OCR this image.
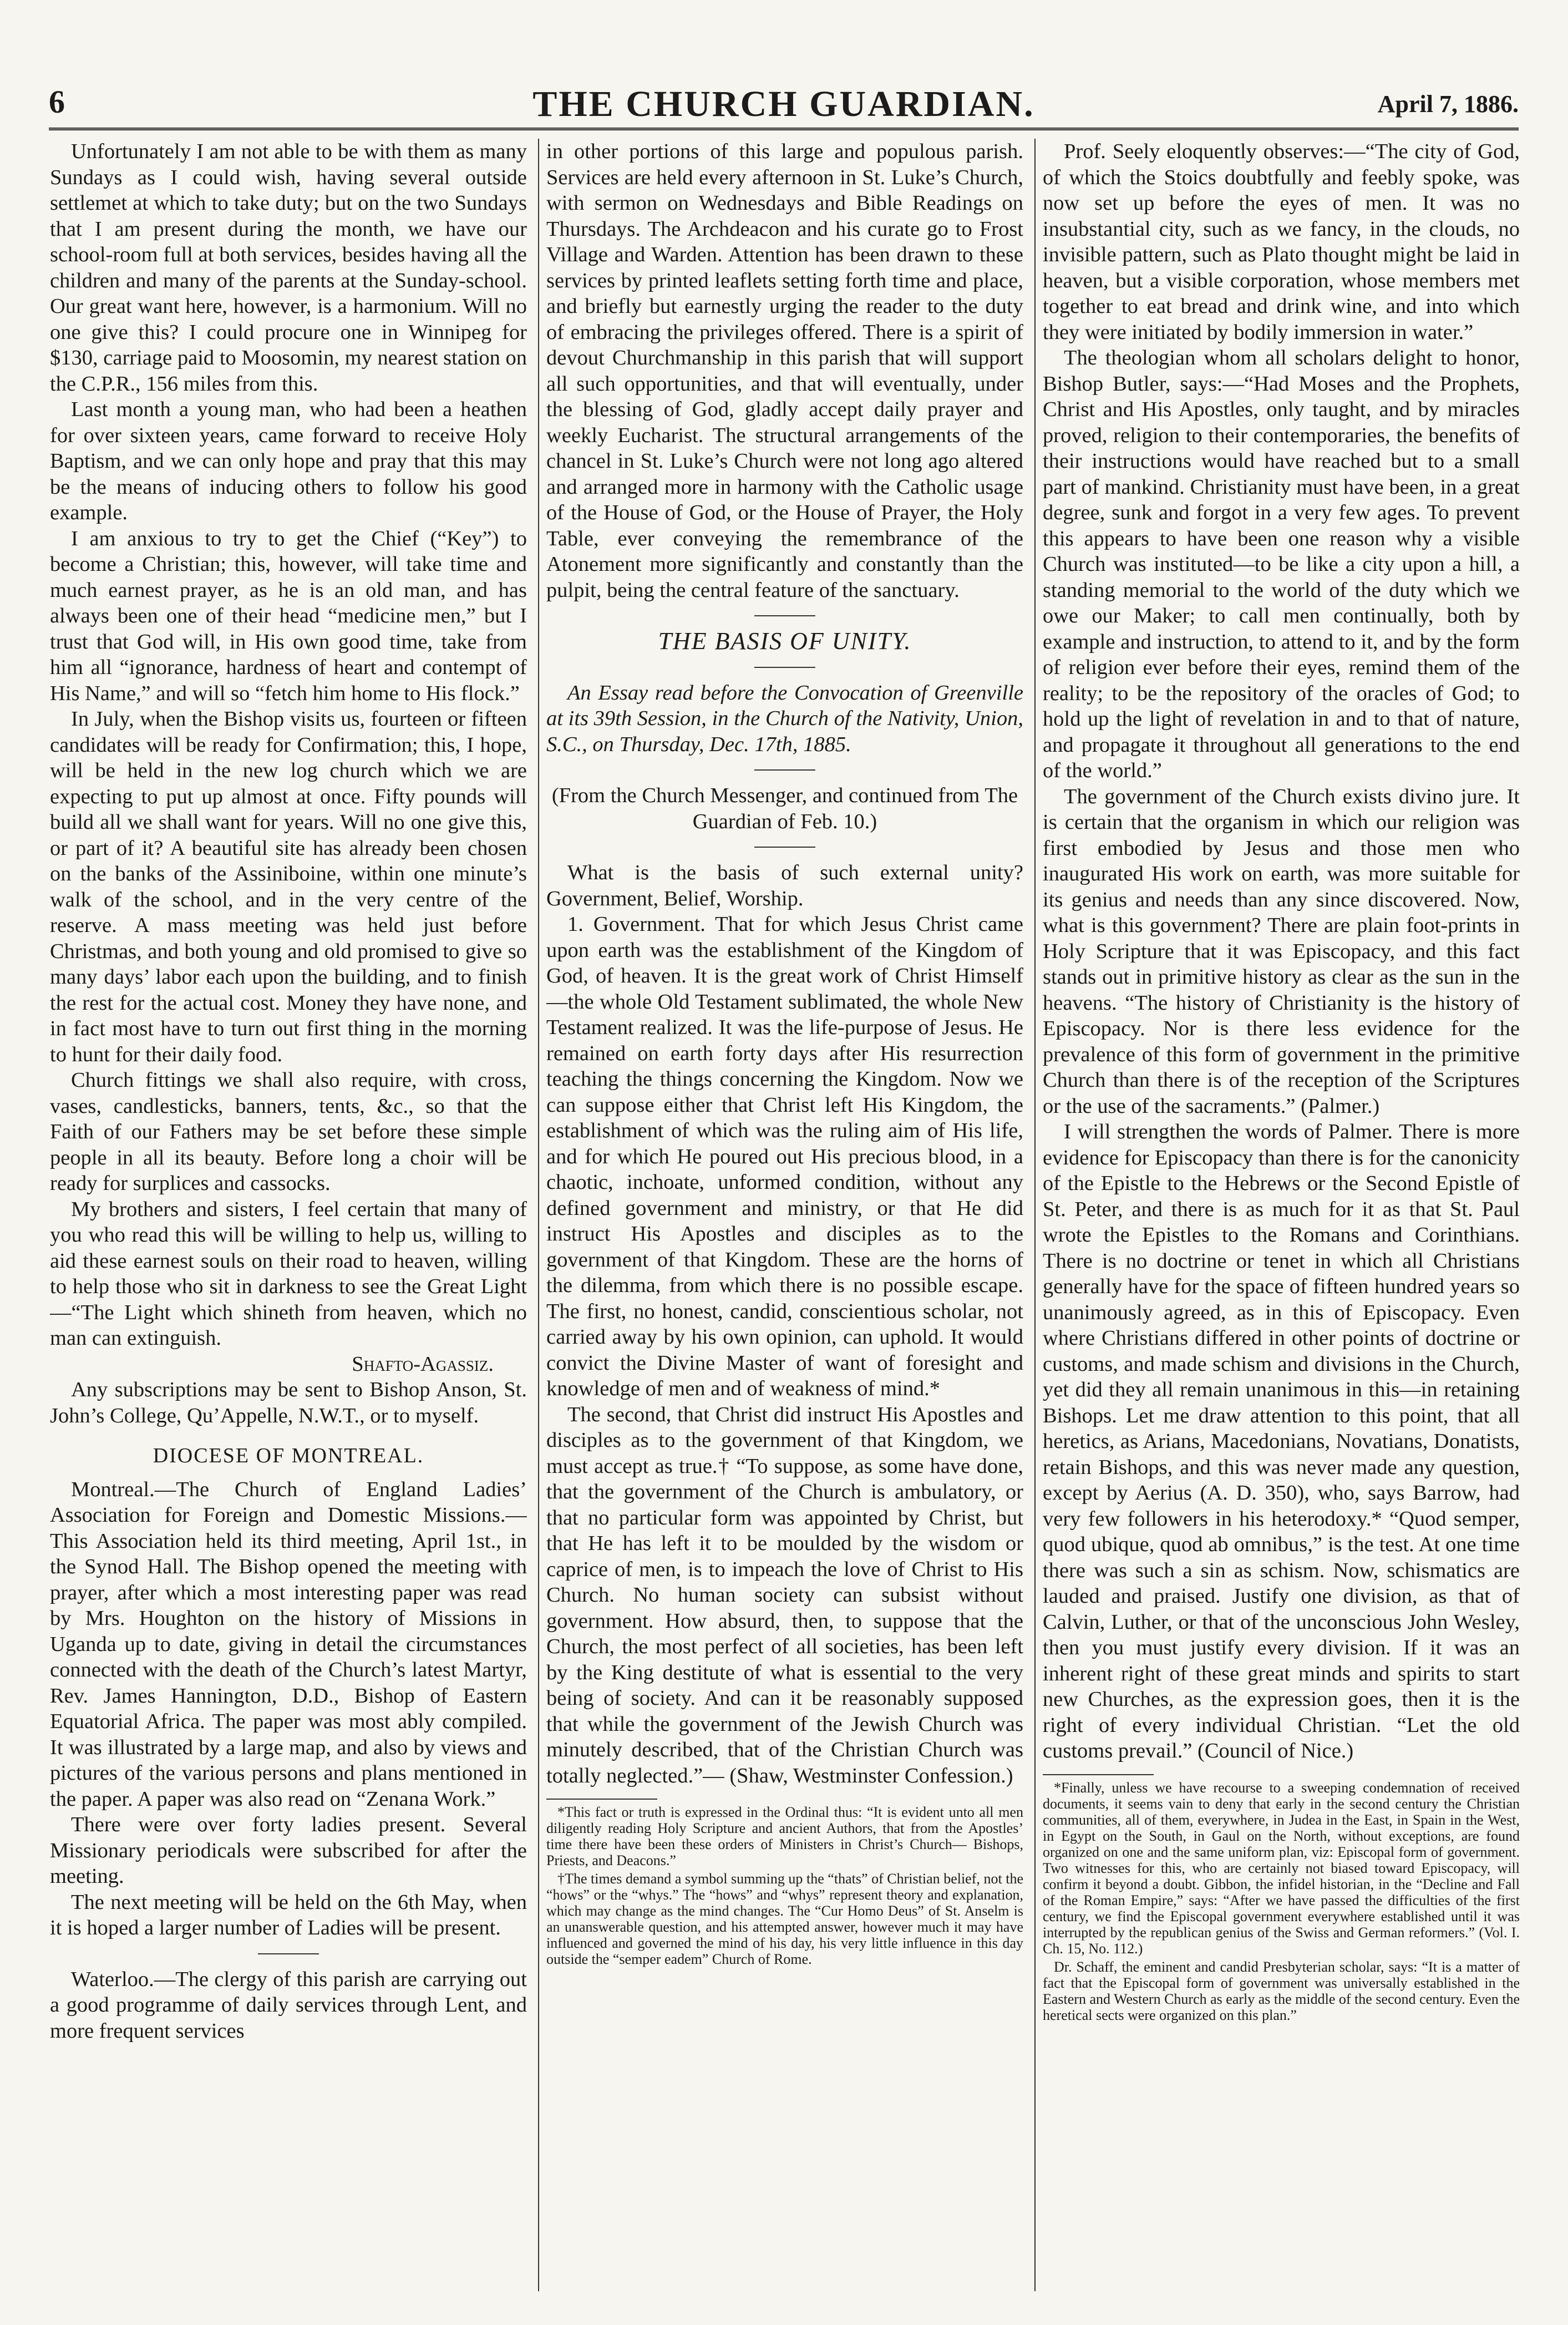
6	THE CHURCH GUARDIAN.	April 7, 1886.

Unfortunately I am not able to be with them as many Sundays as I could wish, having several outside settlemet at which to take duty; but on the two Sundays that I am present during the month, we have our school-room full at both services, besides having all the children and many of the parents at the Sunday-school. Our great want here, however, is a harmonium. Will no one give this? I could procure one in Winnipeg for $130, carriage paid to Moosomin, my nearest station on the C.P.R., 156 miles from this.

Last month a young man, who had been a heathen for over sixteen years, came forward to receive Holy Baptism, and we can only hope and pray that this may be the means of inducing others to follow his good example.

I am anxious to try to get the Chief (“Key”) to become a Christian; this, however, will take time and much earnest prayer, as he is an old man, and has always been one of their head “medicine men,” but I trust that God will, in His own good time, take from him all “ignorance, hardness of heart and contempt of His Name,” and will so “fetch him home to His flock.”

In July, when the Bishop visits us, fourteen or fifteen candidates will be ready for Confirmation; this, I hope, will be held in the new log church which we are expecting to put up almost at once. Fifty pounds will build all we shall want for years. Will no one give this, or part of it? A beautiful site has already been chosen on the banks of the Assiniboine, within one minute’s walk of the school, and in the very centre of the reserve. A mass meeting was held just before Christmas, and both young and old promised to give so many days’ labor each upon the building, and to finish the rest for the actual cost. Money they have none, and in fact most have to turn out first thing in the morning to hunt for their daily food.

Church fittings we shall also require, with cross, vases, candlesticks, banners, tents, &c., so that the Faith of our Fathers may be set before these simple people in all its beauty. Before long a choir will be ready for surplices and cassocks.

My brothers and sisters, I feel certain that many of you who read this will be willing to help us, willing to aid these earnest souls on their road to heaven, willing to help those who sit in darkness to see the Great Light—“The Light which shineth from heaven, which no man can extinguish.

Shafto-Agassiz.

Any subscriptions may be sent to Bishop Anson, St. John’s College, Qu’Appelle, N.W.T., or to myself.

DIOCESE OF MONTREAL.

Montreal.—The Church of England Ladies’ Association for Foreign and Domestic Missions.— This Association held its third meeting, April 1st., in the Synod Hall. The Bishop opened the meeting with prayer, after which a most interesting paper was read by Mrs. Houghton on the history of Missions in Uganda up to date, giving in detail the circumstances connected with the death of the Church’s latest Martyr, Rev. James Hannington, D.D., Bishop of Eastern Equatorial Africa. The paper was most ably compiled. It was illustrated by a large map, and also by views and pictures of the various persons and plans mentioned in the paper. A paper was also read on “Zenana Work.”

There were over forty ladies present. Several Missionary periodicals were subscribed for after the meeting.

The next meeting will be held on the 6th May, when it is hoped a larger number of Ladies will be present.

Waterloo.—The clergy of this parish are carrying out a good programme of daily services through Lent, and more frequent services

in other portions of this large and populous parish. Services are held every afternoon in St. Luke’s Church, with sermon on Wednesdays and Bible Readings on Thursdays. The Archdeacon and his curate go to Frost Village and Warden. Attention has been drawn to these services by printed leaflets setting forth time and place, and briefly but earnestly urging the reader to the duty of embracing the privileges offered. There is a spirit of devout Churchmanship in this parish that will support all such opportunities, and that will eventually, under the blessing of God, gladly accept daily prayer and weekly Eucharist. The structural arrangements of the chancel in St. Luke’s Church were not long ago altered and arranged more in harmony with the Catholic usage of the House of God, or the House of Prayer, the Holy Table, ever conveying the remembrance of the Atonement more significantly and constantly than the pulpit, being the central feature of the sanctuary.

THE BASIS OF UNITY.

An Essay read before the Convocation of Greenville at its 39th Session, in the Church of the Nativity, Union, S.C., on Thursday, Dec. 17th, 1885.

(From the Church Messenger, and continued from The Guardian of Feb. 10.)

What is the basis of such external unity? Government, Belief, Worship.

1. Government. That for which Jesus Christ came upon earth was the establishment of the Kingdom of God, of heaven. It is the great work of Christ Himself—the whole Old Testament sublimated, the whole New Testament realized. It was the life-purpose of Jesus. He remained on earth forty days after His resurrection teaching the things concerning the Kingdom. Now we can suppose either that Christ left His Kingdom, the establishment of which was the ruling aim of His life, and for which He poured out His precious blood, in a chaotic, inchoate, unformed condition, without any defined government and ministry, or that He did instruct His Apostles and disciples as to the government of that Kingdom. These are the horns of the dilemma, from which there is no possible escape. The first, no honest, candid, conscientious scholar, not carried away by his own opinion, can uphold. It would convict the Divine Master of want of foresight and knowledge of men and of weakness of mind.*

The second, that Christ did instruct His Apostles and disciples as to the government of that Kingdom, we must accept as true.† “To suppose, as some have done, that the government of the Church is ambulatory, or that no particular form was appointed by Christ, but that He has left it to be moulded by the wisdom or caprice of men, is to impeach the love of Christ to His Church. No human society can subsist without government. How absurd, then, to suppose that the Church, the most perfect of all societies, has been left by the King destitute of what is essential to the very being of society. And can it be reasonably supposed that while the government of the Jewish Church was minutely described, that of the Christian Church was totally neglected.”— (Shaw, Westminster Confession.)

*This fact or truth is expressed in the Ordinal thus: “It is evident unto all men diligently reading Holy Scripture and ancient Authors, that from the Apostles’ time there have been these orders of Ministers in Christ’s Church— Bishops, Priests, and Deacons.”

†The times demand a symbol summing up the “thats” of Christian belief, not the “hows” or the “whys.” The “hows” and “whys” represent theory and explanation, which may change as the mind changes. The “Cur Homo Deus” of St. Anselm is an unanswerable question, and his attempted answer, however much it may have influenced and governed the mind of his day, his very little influence in this day outside the “semper eadem” Church of Rome.

Prof. Seely eloquently observes:—“The city of God, of which the Stoics doubtfully and feebly spoke, was now set up before the eyes of men. It was no insubstantial city, such as we fancy, in the clouds, no invisible pattern, such as Plato thought might be laid in heaven, but a visible corporation, whose members met together to eat bread and drink wine, and into which they were initiated by bodily immersion in water.”

The theologian whom all scholars delight to honor, Bishop Butler, says:—“Had Moses and the Prophets, Christ and His Apostles, only taught, and by miracles proved, religion to their contemporaries, the benefits of their instructions would have reached but to a small part of mankind. Christianity must have been, in a great degree, sunk and forgot in a very few ages. To prevent this appears to have been one reason why a visible Church was instituted—to be like a city upon a hill, a standing memorial to the world of the duty which we owe our Maker; to call men continually, both by example and instruction, to attend to it, and by the form of religion ever before their eyes, remind them of the reality; to be the repository of the oracles of God; to hold up the light of revelation in and to that of nature, and propagate it throughout all generations to the end of the world.”

The government of the Church exists divino jure. It is certain that the organism in which our religion was first embodied by Jesus and those men who inaugurated His work on earth, was more suitable for its genius and needs than any since discovered. Now, what is this government? There are plain foot-prints in Holy Scripture that it was Episcopacy, and this fact stands out in primitive history as clear as the sun in the heavens. “The history of Christianity is the history of Episcopacy. Nor is there less evidence for the prevalence of this form of government in the primitive Church than there is of the reception of the Scriptures or the use of the sacraments.” (Palmer.)

I will strengthen the words of Palmer. There is more evidence for Episcopacy than there is for the canonicity of the Epistle to the Hebrews or the Second Epistle of St. Peter, and there is as much for it as that St. Paul wrote the Epistles to the Romans and Corinthians. There is no doctrine or tenet in which all Christians generally have for the space of fifteen hundred years so unanimously agreed, as in this of Episcopacy. Even where Christians differed in other points of doctrine or customs, and made schism and divisions in the Church, yet did they all remain unanimous in this—in retaining Bishops. Let me draw attention to this point, that all heretics, as Arians, Macedonians, Novatians, Donatists, retain Bishops, and this was never made any question, except by Aerius (A. D. 350), who, says Barrow, had very few followers in his heterodoxy.* “Quod semper, quod ubique, quod ab omnibus,” is the test. At one time there was such a sin as schism. Now, schismatics are lauded and praised. Justify one division, as that of Calvin, Luther, or that of the unconscious John Wesley, then you must justify every division. If it was an inherent right of these great minds and spirits to start new Churches, as the expression goes, then it is the right of every individual Christian. “Let the old customs prevail.” (Council of Nice.)

*Finally, unless we have recourse to a sweeping condemnation of received documents, it seems vain to deny that early in the second century the Christian communities, all of them, everywhere, in Judea in the East, in Spain in the West, in Egypt on the South, in Gaul on the North, without exceptions, are found organized on one and the same uniform plan, viz: Episcopal form of government. Two witnesses for this, who are certainly not biased toward Episcopacy, will confirm it beyond a doubt. Gibbon, the infidel historian, in the “Decline and Fall of the Roman Empire,” says: “After we have passed the difficulties of the first century, we find the Episcopal government everywhere established until it was interrupted by the republican genius of the Swiss and German reformers.” (Vol. I. Ch. 15, No. 112.)

Dr. Schaff, the eminent and candid Presbyterian scholar, says: “It is a matter of fact that the Episcopal form of government was universally established in the Eastern and Western Church as early as the middle of the second century. Even the heretical sects were organized on this plan.”
